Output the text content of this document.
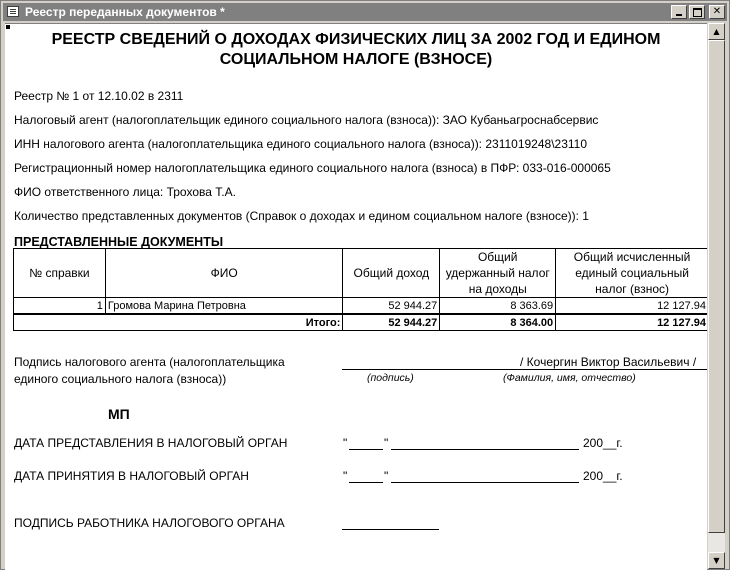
Реестр переданных документов *
✕
РЕЕСТР СВЕДЕНИЙ О ДОХОДАХ ФИЗИЧЕСКИХ ЛИЦ ЗА 2002 ГОД И ЕДИНОМ
СОЦИАЛЬНОМ НАЛОГЕ (ВЗНОСЕ)
Реестр № 1 от 12.10.02 в 2311
Налоговый агент (налогоплательщик единого социального налога (взноса)): ЗАО Кубаньагроснабсервис
ИНН налогового агента (налогоплательщика единого социального налога (взноса)): 2311019248\23110
Регистрационный номер налогоплательщика единого социального налога (взноса) в ПФР: 033-016-000065
ФИО ответственного лица: Трохова Т.А.
Количество представленных документов (Справок о доходах и едином социальном налоге (взносе)): 1
ПРЕДСТАВЛЕННЫЕ ДОКУМЕНТЫ
№ справки	ФИО	Общий доход	Общий удержанный налог на доходы	Общий исчисленный единый социальный налог (взнос)
1	Громова Марина Петровна	52 944.27	8 363.69	12 127.94
Итого:		52 944.27	8 364.00	12 127.94
Подпись налогового агента (налогоплательщика
единого социального налога (взноса))
/ Кочергин Виктор Васильевич /
(подпись)	(Фамилия, имя, отчество)
МП
ДАТА ПРЕДСТАВЛЕНИЯ В НАЛОГОВЫЙ ОРГАН	"	"	200__г.
ДАТА ПРИНЯТИЯ В НАЛОГОВЫЙ ОРГАН	"	"	200__г.
ПОДПИСЬ РАБОТНИКА НАЛОГОВОГО ОРГАНА
▲
▼
